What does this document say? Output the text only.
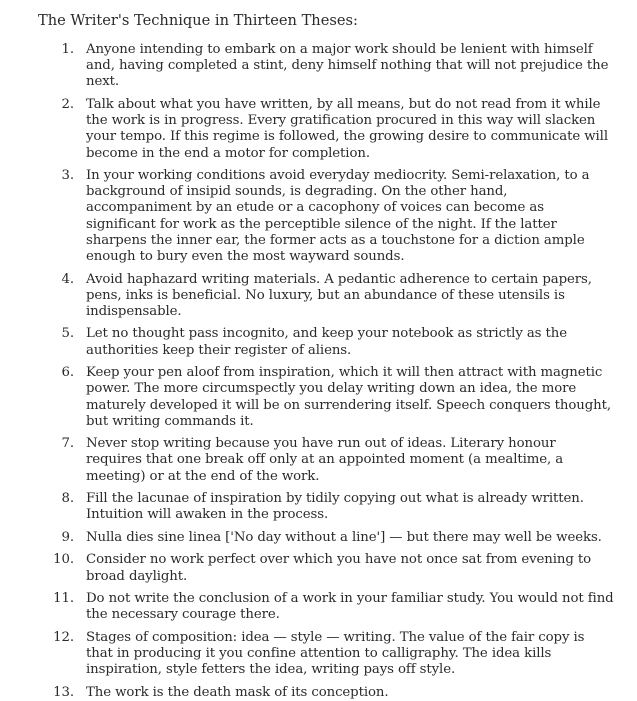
The Writer's Technique in Thirteen Theses:
1. Anyone intending to embark on a major work should be lenient with himself and, having completed a stint, deny himself nothing that will not prejudice the next.
2. Talk about what you have written, by all means, but do not read from it while the work is in progress. Every gratification procured in this way will slacken your tempo. If this regime is followed, the growing desire to communicate will become in the end a motor for completion.
3. In your working conditions avoid everyday mediocrity. Semi-relaxation, to a background of insipid sounds, is degrading. On the other hand, accompaniment by an etude or a cacophony of voices can become as significant for work as the perceptible silence of the night. If the latter sharpens the inner ear, the former acts as a touchstone for a diction ample enough to bury even the most wayward sounds.
4. Avoid haphazard writing materials. A pedantic adherence to certain papers, pens, inks is beneficial. No luxury, but an abundance of these utensils is indispensable.
5. Let no thought pass incognito, and keep your notebook as strictly as the authorities keep their register of aliens.
6. Keep your pen aloof from inspiration, which it will then attract with magnetic power. The more circumspectly you delay writing down an idea, the more maturely developed it will be on surrendering itself. Speech conquers thought, but writing commands it.
7. Never stop writing because you have run out of ideas. Literary honour requires that one break off only at an appointed moment (a mealtime, a meeting) or at the end of the work.
8. Fill the lacunae of inspiration by tidily copying out what is already written. Intuition will awaken in the process.
9. Nulla dies sine linea ['No day without a line'] — but there may well be weeks.
10. Consider no work perfect over which you have not once sat from evening to broad daylight.
11. Do not write the conclusion of a work in your familiar study. You would not find the necessary courage there.
12. Stages of composition: idea — style — writing. The value of the fair copy is that in producing it you confine attention to calligraphy. The idea kills inspiration, style fetters the idea, writing pays off style.
13. The work is the death mask of its conception.
